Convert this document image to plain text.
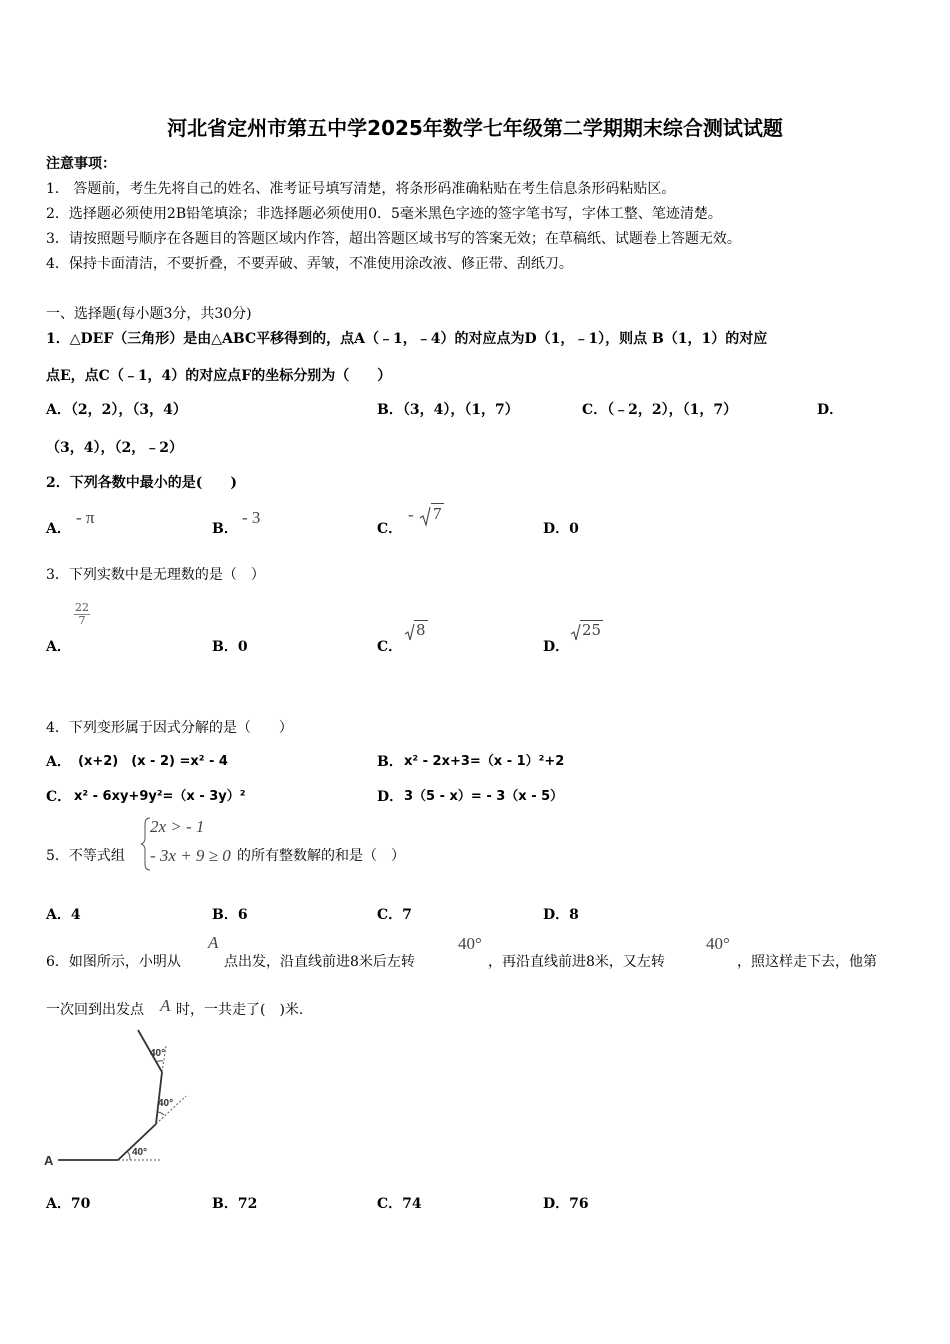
河北省定州市第五中学2025年数学七年级第二学期期末综合测试试题
注意事项：
1． 答题前，考生先将自己的姓名、准考证号填写清楚，将条形码准确粘贴在考生信息条形码粘贴区。
2．选择题必须使用2B铅笔填涂；非选择题必须使用0．5毫米黑色字迹的签字笔书写，字体工整、笔迹清楚。
3．请按照题号顺序在各题目的答题区域内作答，超出答题区域书写的答案无效；在草稿纸、试题卷上答题无效。
4．保持卡面清洁，不要折叠，不要弄破、弄皱，不准使用涂改液、修正带、刮纸刀。
一、选择题(每小题3分，共30分)
1．△DEF（三角形）是由△ABC平移得到的，点A（﹣1，﹣4）的对应点为D（1，﹣1），则点 B（1，1）的对应
点E，点C（﹣1，4）的对应点F的坐标分别为（　　）
A．（2，2），（3，4）	B．（3，4），（1，7）	C．（﹣2，2），（1，7）	D．
（3，4），（2，﹣2）
2．下列各数中最小的是(　　)
A．
- π
B．
- 3
C．
- 7
D．0
3．下列实数中是无理数的是（　）
$\frac{22}{7}$
A．	B．0	C．
8
D．
25
4．下列变形属于因式分解的是（　　）
A． (x+2)　(x - 2) =x² - 4	B． x² - 2x+3=（x - 1）²+2
C． x² - 6xy+9y²=（x - 3y）²	D． 3（5 - x）= - 3（x - 5）
5．不等式组
2x > - 1
- 3x + 9 ≥ 0 的所有整数解的和是（　）
A．4	B．6	C．7	D．8
6．如图所示，小明从
A
点出发，沿直线前进8米后左转
40°
，再沿直线前进8米，又左转
40°
，照这样走下去，他第
一次回到出发点 A 时，一共走了(　)米.
A
40°
40°
40°
A．70	B．72	C．74	D．76
